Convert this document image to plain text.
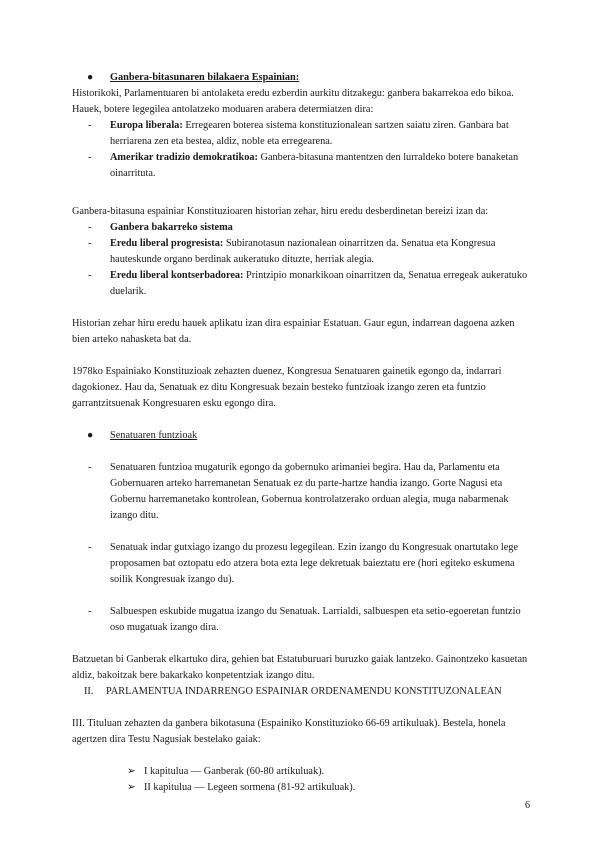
● Ganbera-bitasunaren bilakaera Espainian:

Historikoki, Parlamentuaren bi antolaketa eredu ezberdin aurkitu ditzakegu: ganbera bakarrekoa edo bikoa. Hauek, botere legegilea antolatzeko moduaren arabera determiatzen dira:

- Europa liberala: Erregearen boterea sistema konstituzionalean sartzen saiatu ziren. Ganbara bat herriarena zen eta bestea, aldiz, noble eta erregearena.
- Amerikar tradizio demokratikoa: Ganbera-bitasuna mantentzen den lurraldeko botere banaketan oinarrituta.

Ganbera-bitasuna espainiar Konstituzioaren historian zehar, hiru eredu desberdinetan bereizi izan da:

- Ganbera bakarreko sistema
- Eredu liberal progresista: Subiranotasun nazionalean oinarritzen da. Senatua eta Kongresua hauteskunde organo berdinak aukeratuko dituzte, herriak alegia.
- Eredu liberal kontserbadorea: Printzipio monarkikoan oinarritzen da, Senatua erregeak aukeratuko duelarik.

Historian zehar hiru eredu hauek aplikatu izan dira espainiar Estatuan. Gaur egun, indarrean dagoena azken bien arteko nahasketa bat da.

1978ko Espainiako Konstituzioak zehazten duenez, Kongresua Senatuaren gainetik egongo da, indarrari dagokionez. Hau da, Senatuak ez ditu Kongresuak bezain besteko funtzioak izango zeren eta funtzio garrantzitsuenak Kongresuaren esku egongo dira.

● Senatuaren funtzioak
- Senatuaren funtzioa mugaturik egongo da gobernuko arimaniei begira. Hau da, Parlamentu eta Gobernuaren arteko harremanetan Senatuak ez du parte-hartze handia izango. Gorte Nagusi eta Gobernu harremanetako kontrolean, Gobernua kontrolatzerako orduan alegia, muga nabarmenak izango ditu.
- Senatuak indar gutxiago izango du prozesu legegilean. Ezin izango du Kongresuak onartutako lege proposamen bat oztopatu edo atzera bota ezta lege dekretuak baieztatu ere (hori egiteko eskumena soilik Kongresuak izango du).
- Salbuespen eskubide mugatua izango du Senatuak. Larrialdi, salbuespen eta setio-egoeretan funtzio oso mugatuak izango dira.

Batzuetan bi Ganberak elkartuko dira, gehien bat Estatuburuari buruzko gaiak lantzeko. Gainontzeko kasuetan aldiz, bakoitzak bere bakarkako konpetentziak izango ditu.

II. PARLAMENTUA INDARRENGO ESPAINIAR ORDENAMENDU KONSTITUZONALEAN

III. Tituluan zehazten da ganbera bikotasuna (Espainiko Konstituzioko 66-69 artikuluak). Bestela, honela agertzen dira Testu Nagusiak bestelako gaiak:

➢ I kapitulua — Ganberak (60-80 artikuluak).
➢ II kapitulua — Legeen sormena (81-92 artikuluak).
6
